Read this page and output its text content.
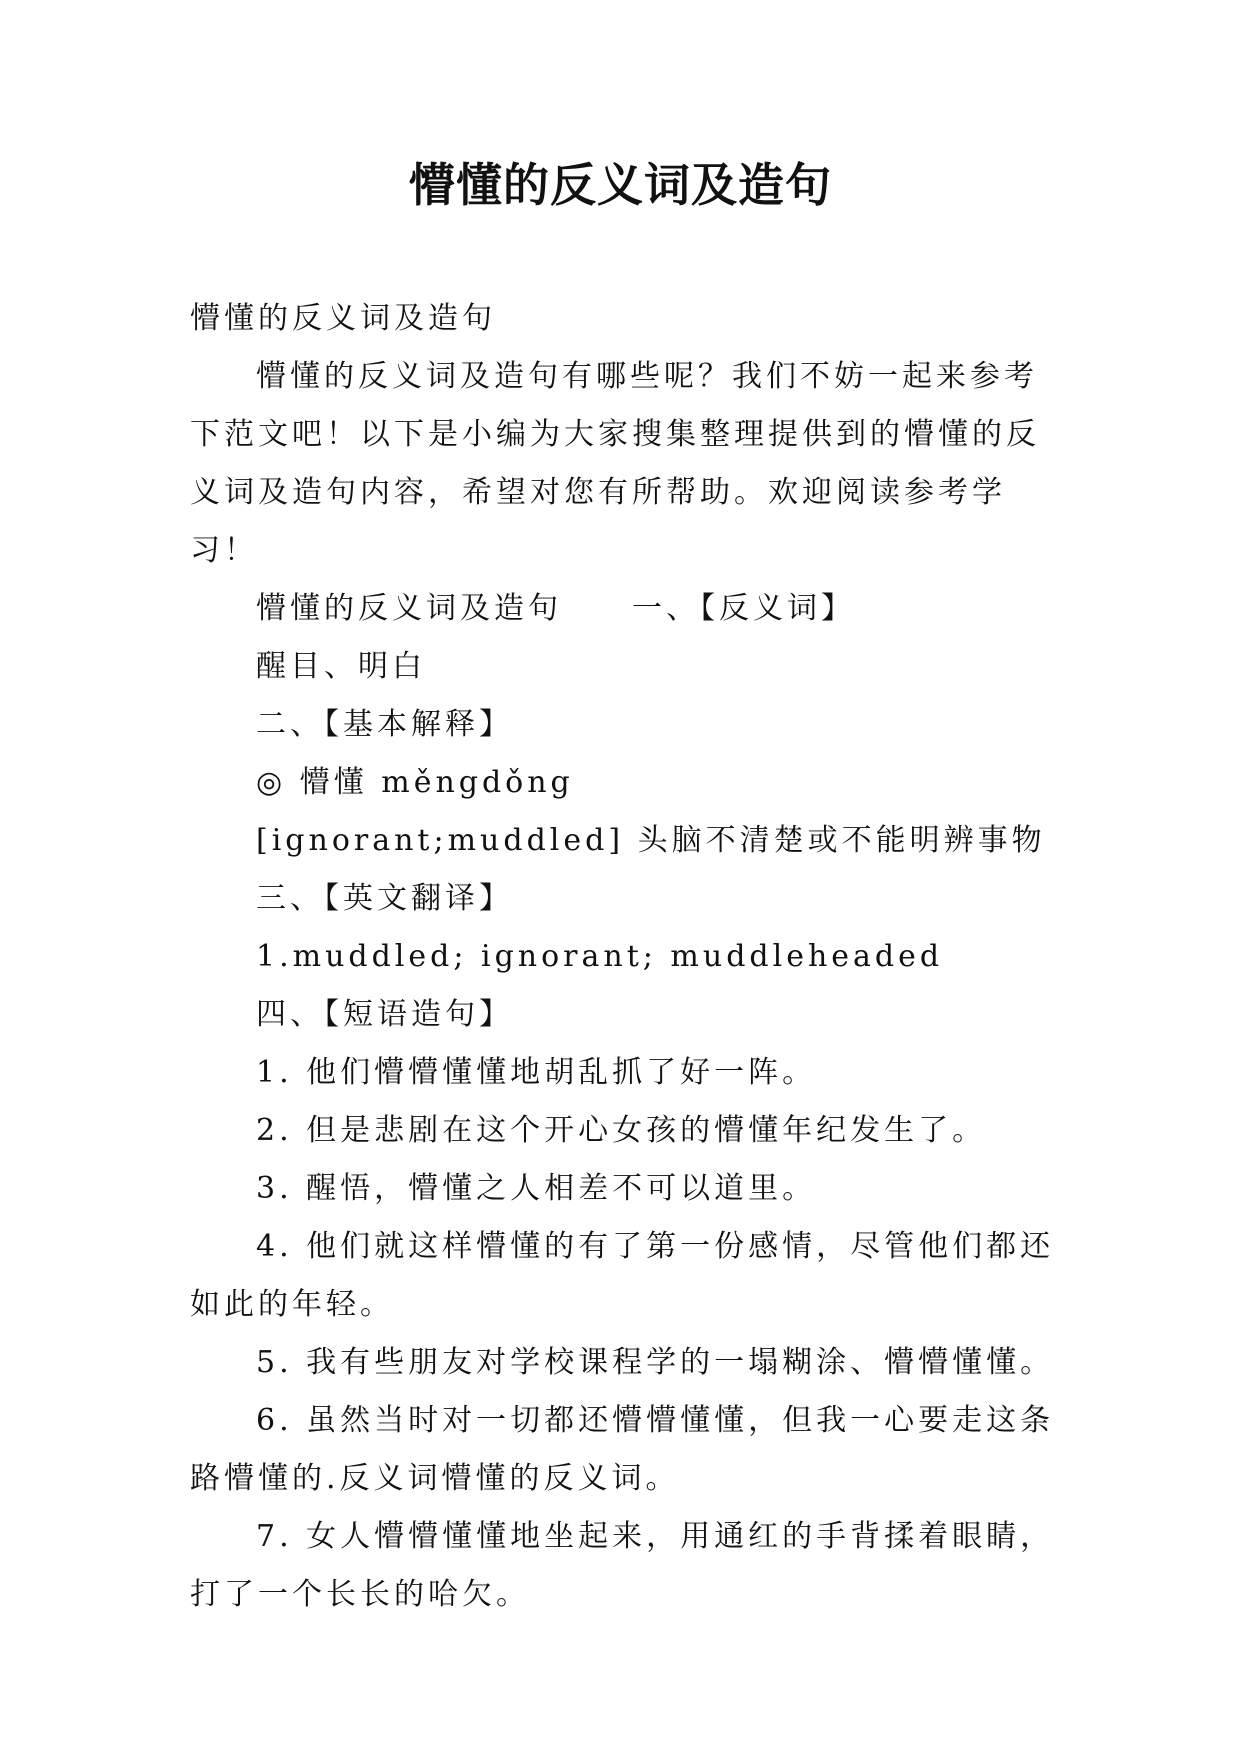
懵懂的反义词及造句

懵懂的反义词及造句

懵懂的反义词及造句有哪些呢？我们不妨一起来参考下范文吧！以下是小编为大家搜集整理提供到的懵懂的反义词及造句内容，希望对您有所帮助。欢迎阅读参考学习！

懵懂的反义词及造句 一、【反义词】

醒目、明白

二、【基本解释】

◎ 懵懂 měngdǒng

[ignorant;muddled] 头脑不清楚或不能明辨事物

三、【英文翻译】

1.muddled; ignorant; muddleheaded

四、【短语造句】

1. 他们懵懵懂懂地胡乱抓了好一阵。

2. 但是悲剧在这个开心女孩的懵懂年纪发生了。

3. 醒悟，懵懂之人相差不可以道里。

4. 他们就这样懵懂的有了第一份感情，尽管他们都还如此的年轻。

5. 我有些朋友对学校课程学的一塌糊涂、懵懵懂懂。

6. 虽然当时对一切都还懵懵懂懂，但我一心要走这条路懵懂的.反义词懵懂的反义词。

7. 女人懵懵懂懂地坐起来，用通红的手背揉着眼睛，打了一个长长的哈欠。
